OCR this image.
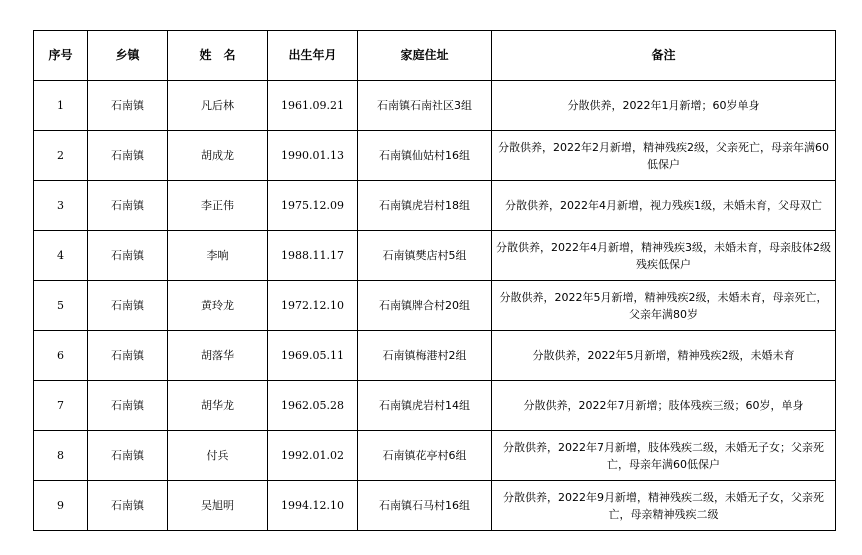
序号	乡镇	姓　名	出生年月	家庭住址	备注
1	石南镇	凡后林	1961.09.21	石南镇石南社区3组	分散供养，2022年1月新增；60岁单身
2	石南镇	胡成龙	1990.01.13	石南镇仙姑村16组	分散供养，2022年2月新增，精神残疾2级，父亲死亡，母亲年满60低保户
3	石南镇	李正伟	1975.12.09	石南镇虎岩村18组	分散供养，2022年4月新增，视力残疾1级，未婚未育，父母双亡
4	石南镇	李响	1988.11.17	石南镇樊店村5组	分散供养，2022年4月新增，精神残疾3级，未婚未育，母亲肢体2级残疾低保户
5	石南镇	黄玲龙	1972.12.10	石南镇牌合村20组	分散供养，2022年5月新增，精神残疾2级，未婚未育，母亲死亡，父亲年满80岁
6	石南镇	胡落华	1969.05.11	石南镇梅港村2组	分散供养，2022年5月新增，精神残疾2级，未婚未育
7	石南镇	胡华龙	1962.05.28	石南镇虎岩村14组	分散供养，2022年7月新增；肢体残疾三级；60岁，单身
8	石南镇	付兵	1992.01.02	石南镇花亭村6组	分散供养，2022年7月新增，肢体残疾二级，未婚无子女；父亲死亡，母亲年满60低保户
9	石南镇	吴旭明	1994.12.10	石南镇石马村16组	分散供养，2022年9月新增，精神残疾二级，未婚无子女，父亲死亡，母亲精神残疾二级
